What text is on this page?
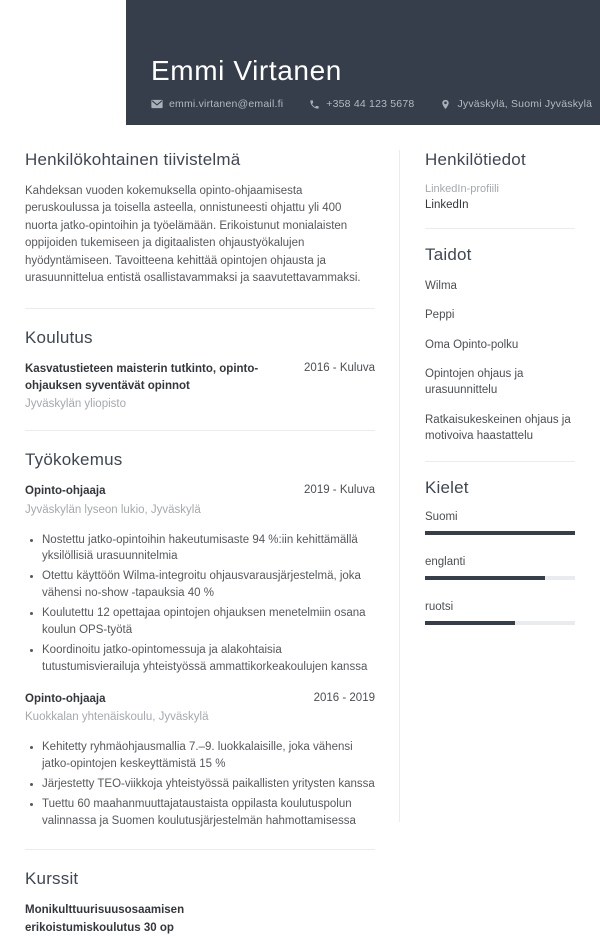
Emmi Virtanen
emmi.virtanen@email.fi	+358 44 123 5678	Jyväskylä, Suomi Jyväskylä
Henkilökohtainen tiivistelmä

Kahdeksan vuoden kokemuksella opinto-ohjaamisesta peruskoulussa ja toisella asteella, onnistuneesti ohjattu yli 400 nuorta jatko-opintoihin ja työelämään. Erikoistunut monialaisten oppijoiden tukemiseen ja digitaalisten ohjaustyökalujen hyödyntämiseen. Tavoitteena kehittää opintojen ohjausta ja urasuunnittelua entistä osallistavammaksi ja saavutettavammaksi.

Koulutus
Kasvatustieteen maisterin tutkinto, opinto-ohjauksen syventävät opinnot
2016 - Kuluva
Jyväskylän yliopisto
Työkokemus
Opinto-ohjaaja	2019 - Kuluva
Jyväskylän lyseon lukio, Jyväskylä
• Nostettu jatko-opintoihin hakeutumisaste 94 %:iin kehittämällä yksilöllisiä urasuunnitelmia
• Otettu käyttöön Wilma-integroitu ohjausvarausjärjestelmä, joka vähensi no-show -tapauksia 40 %
• Koulutettu 12 opettajaa opintojen ohjauksen menetelmiin osana koulun OPS-työtä
• Koordinoitu jatko-opintomessuja ja alakohtaisia tutustumisvierailuja yhteistyössä ammattikorkeakoulujen kanssa
Opinto-ohjaaja	2016 - 2019
Kuokkalan yhtenäiskoulu, Jyväskylä
• Kehitetty ryhmäohjausmallia 7.–9. luokkalaisille, joka vähensi jatko-opintojen keskeyttämistä 15 %
• Järjestetty TEO-viikkoja yhteistyössä paikallisten yritysten kanssa
• Tuettu 60 maahanmuuttajataustaista oppilasta koulutuspolun valinnassa ja Suomen koulutusjärjestelmän hahmottamisessa
Kurssit
Monikulttuurisuusosaamisen erikoistumiskoulutus 30 op
Henkilötiedot
LinkedIn-profiili
LinkedIn
Taidot
Wilma
Peppi
Oma Opinto-polku
Opintojen ohjaus ja urasuunnittelu
Ratkaisukeskeinen ohjaus ja motivoiva haastattelu
Kielet
Suomi
englanti
ruotsi
